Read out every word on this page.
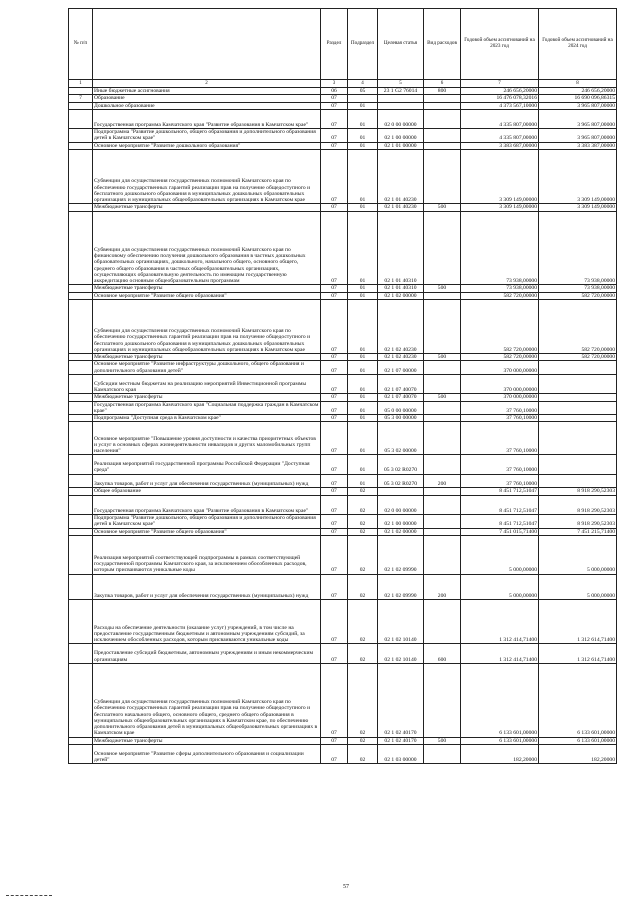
№ п/п		Раздел	Подраздел	Целевая статья	Вид расходов	Годовой объем ассигнований на 2023 год	Годовой объем ассигнований на 2024 год
1	2	3	4	5	6	7	8
	Иные бюджетные ассигнования	06	05	23 1 G2 76014	800	246 656,20000	246 656,20000
7	Образование	07				16 476 078,32016	16 690 096,86315
	Дошкольное образование	07	01			4 373 567,10000	3 965 807,00000
	Государственная программа Камчатского края "Развитие образования в Камчатском крае"	07	01	02 0 00 00000		4 335 807,00000	3 965 807,00000
	Подпрограмма "Развитие дошкольного, общего образования и дополнительного образования детей в Камчатском крае"	07	01	02 1 00 00000		4 335 807,00000	3 965 807,00000
	Основное мероприятие "Развитие дошкольного образования"	07	01	02 1 01 00000		3 383 687,00000	3 383 387,00000
	Субвенции для осуществления государственных полномочий Камчатского края по обеспечению государственных гарантий реализации прав на получение общедоступного и бесплатного дошкольного образования в муниципальных дошкольных образовательных организациях и муниципальных общеобразовательных организациях в Камчатском крае	07	01	02 1 01 40230		3 309 149,00000	3 309 149,00000
	Межбюджетные трансферты	07	01	02 1 01 40230	500	3 309 149,00000	3 309 149,00000
	Субвенции для осуществления государственных полномочий Камчатского края по финансовому обеспечению получения дошкольного образования в частных дошкольных образовательных организациях, дошкольного, начального общего, основного общего, среднего общего образования в частных общеобразовательных организациях, осуществляющих образовательную деятельность по имеющим государственную аккредитацию основным общеобразовательным программам	07	01	02 1 01 40310		73 938,00000	73 938,00000
	Межбюджетные трансферты	07	01	02 1 01 40310	500	73 938,00000	73 938,00000
	Основное мероприятие "Развитие общего образования"	07	01	02 1 02 00000		582 720,00000	582 720,00000
	Субвенции для осуществления государственных полномочий Камчатского края по обеспечению государственных гарантий реализации прав на получение общедоступного и бесплатного дошкольного образования в муниципальных дошкольных образовательных организациях и муниципальных общеобразовательных организациях в Камчатском крае	07	01	02 1 02 40230		582 720,00000	582 720,00000
	Межбюджетные трансферты	07	01	02 1 02 40230	500	582 720,00000	582 720,00000
	Основное мероприятие "Развитие инфраструктуры дошкольного, общего образования и дополнительного образования детей"	07	01	02 1 07 00000		370 000,00000	
	Субсидии местным бюджетам на реализацию мероприятий Инвестиционной программы Камчатского края	07	01	02 1 07 40070		370 000,00000	
	Межбюджетные трансферты	07	01	02 1 07 40070	500	370 000,00000	
	Государственная программа Камчатского края "Социальная поддержка граждан в Камчатском крае"	07	01	05 0 00 00000		37 760,10000	
	Подпрограмма "Доступная среда в Камчатском крае"	07	01	05 3 00 00000		37 760,10000	
	Основное мероприятие "Повышение уровня доступности и качества приоритетных объектов и услуг в основных сферах жизнедеятельности инвалидов и других маломобильных групп населения"	07	01	05 3 02 00000		37 760,10000	
	Реализация мероприятий государственной программы Российской Федерации "Доступная среда"	07	01	05 3 02 R0270		37 760,10000	
	Закупка товаров, работ и услуг для обеспечения государственных (муниципальных) нужд	07	01	05 3 02 R0270	200	37 760,10000	
	Общее образование	07	02			8 451 712,51047	8 918 290,52303
	Государственная программа Камчатского края "Развитие образования в Камчатском крае"	07	02	02 0 00 00000		8 451 712,51047	8 918 290,52303
	Подпрограмма "Развитие дошкольного, общего образования и дополнительного образования детей в Камчатском крае"	07	02	02 1 00 00000		8 451 712,51047	8 918 290,52303
	Основное мероприятие "Развитие общего образования"	07	02	02 1 02 00000		7 451 015,71400	7 451 215,71400
	Реализация мероприятий соответствующей подпрограммы в рамках соответствующей государственной программы Камчатского края, за исключением обособленных расходов, которым присваиваются уникальные коды	07	02	02 1 02 09990		5 000,00000	5 000,00000
	Закупка товаров, работ и услуг для обеспечения государственных (муниципальных) нужд	07	02	02 1 02 09990	200	5 000,00000	5 000,00000
	Расходы на обеспечение деятельности (оказание услуг) учреждений, в том числе на предоставление государственным бюджетным и автономным учреждениям субсидий, за исключением обособленных расходов, которым присваиваются уникальные коды	07	02	02 1 02 10140		1 312 414,71400	1 312 614,71400
	Предоставление субсидий бюджетным, автономным учреждениям и иным некоммерческим организациям	07	02	02 1 02 10140	600	1 312 414,71400	1 312 614,71400
	Субвенции для осуществления государственных полномочий Камчатского края по обеспечению государственных гарантий реализации прав на получение общедоступного и бесплатного начального общего, основного общего, среднего общего образования в муниципальных общеобразовательных организациях в Камчатском крае, по обеспечению дополнительного образования детей в муниципальных общеобразовательных организациях в Камчатском крае	07	02	02 1 02 40170		6 133 601,00000	6 133 601,00000
	Межбюджетные трансферты	07	02	02 1 02 40170	500	6 133 601,00000	6 133 601,00000
	Основное мероприятие "Развитие сферы дополнительного образования и социализации детей"	07	02	02 1 03 00000		182,20000	182,20000
57
